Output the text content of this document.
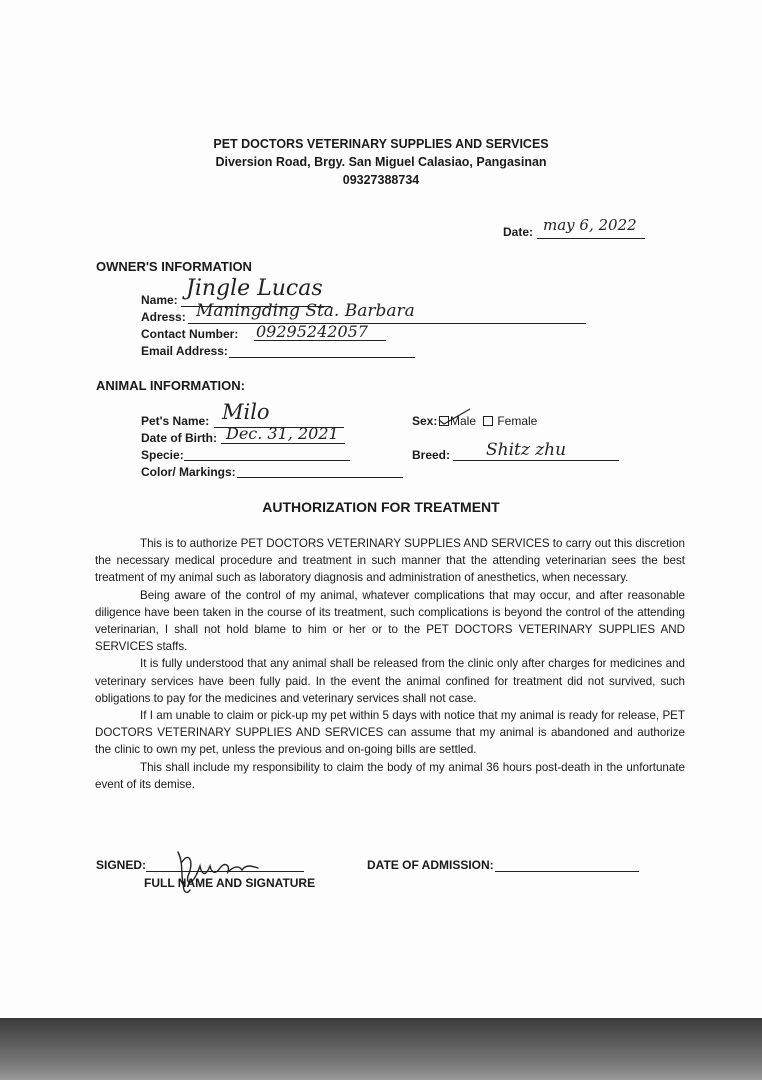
PET DOCTORS VETERINARY SUPPLIES AND SERVICES
Diversion Road, Brgy. San Miguel Calasiao, Pangasinan
09327388734
Date: may 6, 2022
OWNER'S INFORMATION
Name: Jingle Lucas
Adress: Maningding Sta. Barbara
Contact Number: 09295242057
Email Address:
ANIMAL INFORMATION:
Pet's Name: Milo
Date of Birth: Dec. 31, 2021
Specie:
Color/ Markings:
Sex:	Male	Female
Breed: Shitz zhu
AUTHORIZATION FOR TREATMENT

This is to authorize PET DOCTORS VETERINARY SUPPLIES AND SERVICES to carry out this discretion the necessary medical procedure and treatment in such manner that the attending veterinarian sees the best treatment of my animal such as laboratory diagnosis and administration of anesthetics, when necessary.

Being aware of the control of my animal, whatever complications that may occur, and after reasonable diligence have been taken in the course of its treatment, such complications is beyond the control of the attending veterinarian, I shall not hold blame to him or her or to the PET DOCTORS VETERINARY SUPPLIES AND SERVICES staffs.

It is fully understood that any animal shall be released from the clinic only after charges for medicines and veterinary services have been fully paid. In the event the animal confined for treatment did not survived, such obligations to pay for the medicines and veterinary services shall not case.

If I am unable to claim or pick-up my pet within 5 days with notice that my animal is ready for release, PET DOCTORS VETERINARY SUPPLIES AND SERVICES can assume that my animal is abandoned and authorize the clinic to own my pet, unless the previous and on-going bills are settled.

This shall include my responsibility to claim the body of my animal 36 hours post-death in the unfortunate event of its demise.

SIGNED:
FULL NAME AND SIGNATURE
DATE OF ADMISSION:
